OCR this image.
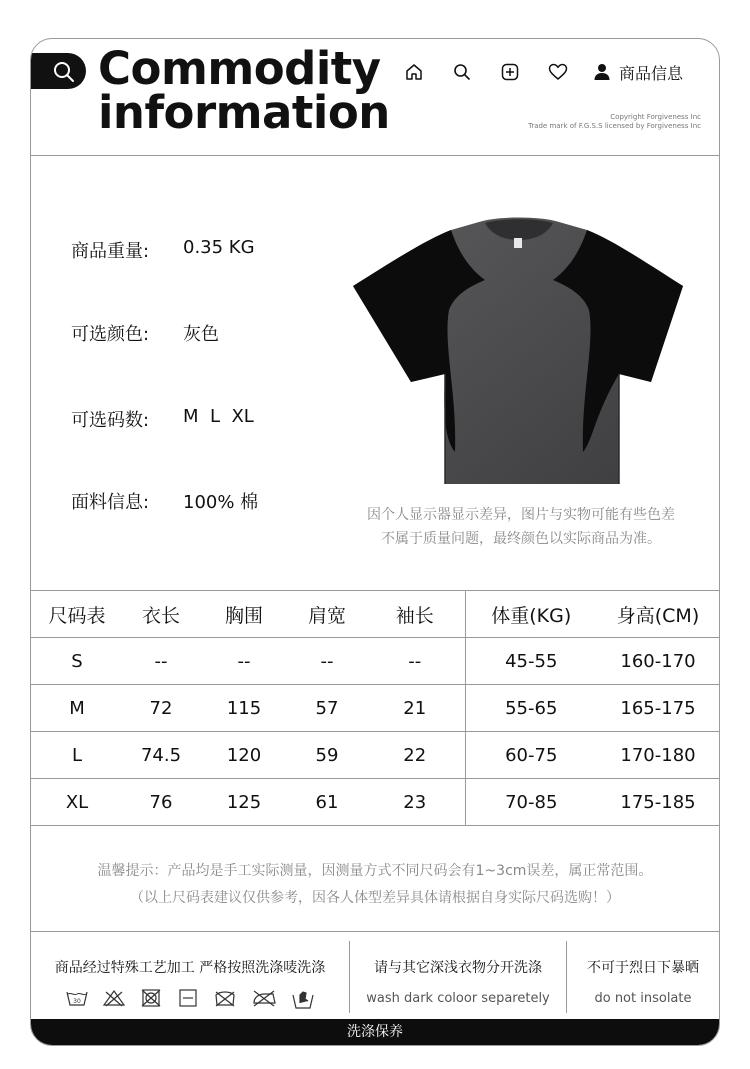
Commodity
information
商品信息
Copyright Forgiveness Inc
Trade mark of F.G.S.S licensed by Forgiveness Inc
商品重量:	0.35 KG
可选颜色:	灰色
可选码数:	M  L  XL
面料信息:	100% 棉
因个人显示器显示差异，图片与实物可能有些色差
不属于质量问题，最终颜色以实际商品为准。
尺码表	衣长	胸围	肩宽	袖长	体重(KG)	身高(CM)
S	--	--	--	--	45-55	160-170
M	72	115	57	21	55-65	165-175
L	74.5	120	59	22	60-75	170-180
XL	76	125	61	23	70-85	175-185
温馨提示：产品均是手工实际测量，因测量方式不同尺码会有1~3cm误差，属正常范围。
（以上尺码表建议仅供参考，因各人体型差异具体请根据自身实际尺码选购！）
商品经过特殊工艺加工 严格按照洗涤唛洗涤
30
请与其它深浅衣物分开洗涤
wash dark coloor separetely
不可于烈日下暴晒
do not insolate
洗涤保养
